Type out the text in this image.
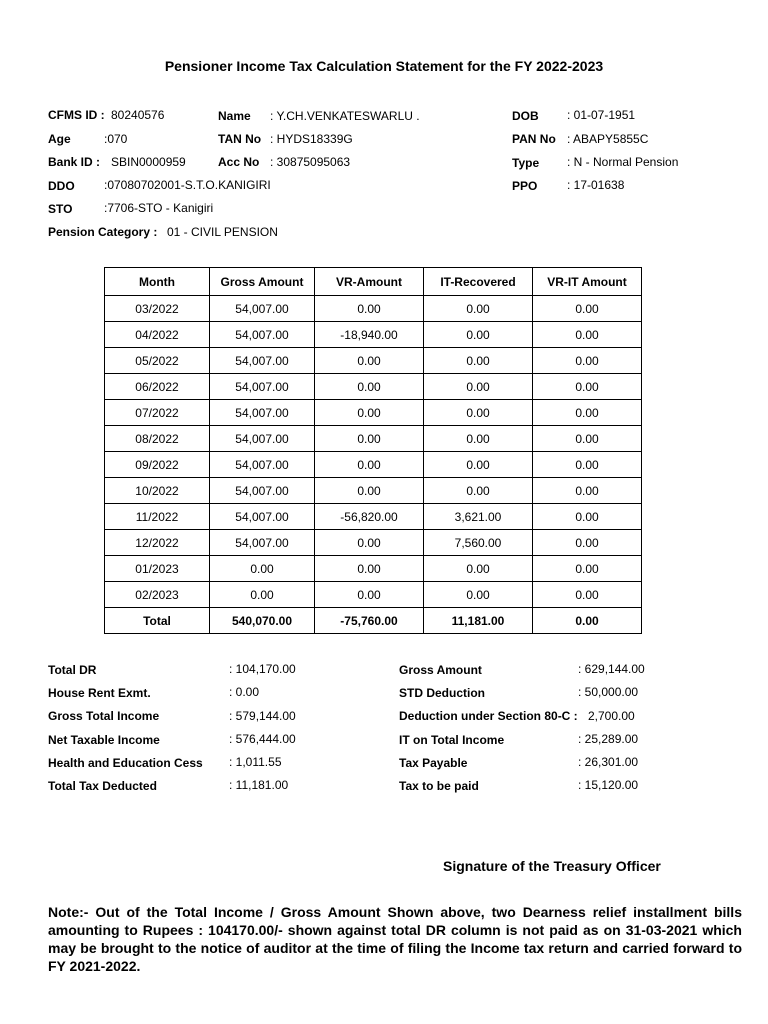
Pensioner Income Tax Calculation Statement for the FY 2022-2023
CFMS ID : 80240576	Name : Y.CH.VENKATESWARLU .	DOB : 01-07-1951
Age	:070	TAN No : HYDS18339G	PAN No : ABAPY5855C
Bank ID : SBIN0000959	Acc No : 30875095063	Type : N - Normal Pension
DDO :07080702001-S.T.O.KANIGIRI	PPO : 17-01638
STO	:7706-STO - Kanigiri
Pension Category : 01 - CIVIL PENSION
Month	Gross Amount	VR-Amount	IT-Recovered	VR-IT Amount
03/2022	54,007.00	0.00	0.00	0.00
04/2022	54,007.00	-18,940.00	0.00	0.00
05/2022	54,007.00	0.00	0.00	0.00
06/2022	54,007.00	0.00	0.00	0.00
07/2022	54,007.00	0.00	0.00	0.00
08/2022	54,007.00	0.00	0.00	0.00
09/2022	54,007.00	0.00	0.00	0.00
10/2022	54,007.00	0.00	0.00	0.00
11/2022	54,007.00	-56,820.00	3,621.00	0.00
12/2022	54,007.00	0.00	7,560.00	0.00
01/2023	0.00	0.00	0.00	0.00
02/2023	0.00	0.00	0.00	0.00
Total	540,070.00	-75,760.00	11,181.00	0.00
Total DR	: 104,170.00
House Rent Exmt.	: 0.00
Gross Total Income	: 579,144.00
Net Taxable Income	: 576,444.00
Health and Education Cess : 1,011.55
Total Tax Deducted	: 11,181.00
Gross Amount	: 629,144.00
STD Deduction	: 50,000.00
Deduction under Section 80-C : 2,700.00
IT on Total Income	: 25,289.00
Tax Payable	: 26,301.00
Tax to be paid	: 15,120.00
Signature of the Treasury Officer
Note:- Out of the Total Income / Gross Amount Shown above, two Dearness relief installment bills amounting to Rupees : 104170.00/- shown against total DR column is not paid as on 31-03-2021 which may be brought to the notice of auditor at the time of filing the Income tax return and carried forward to FY 2021-2022.
